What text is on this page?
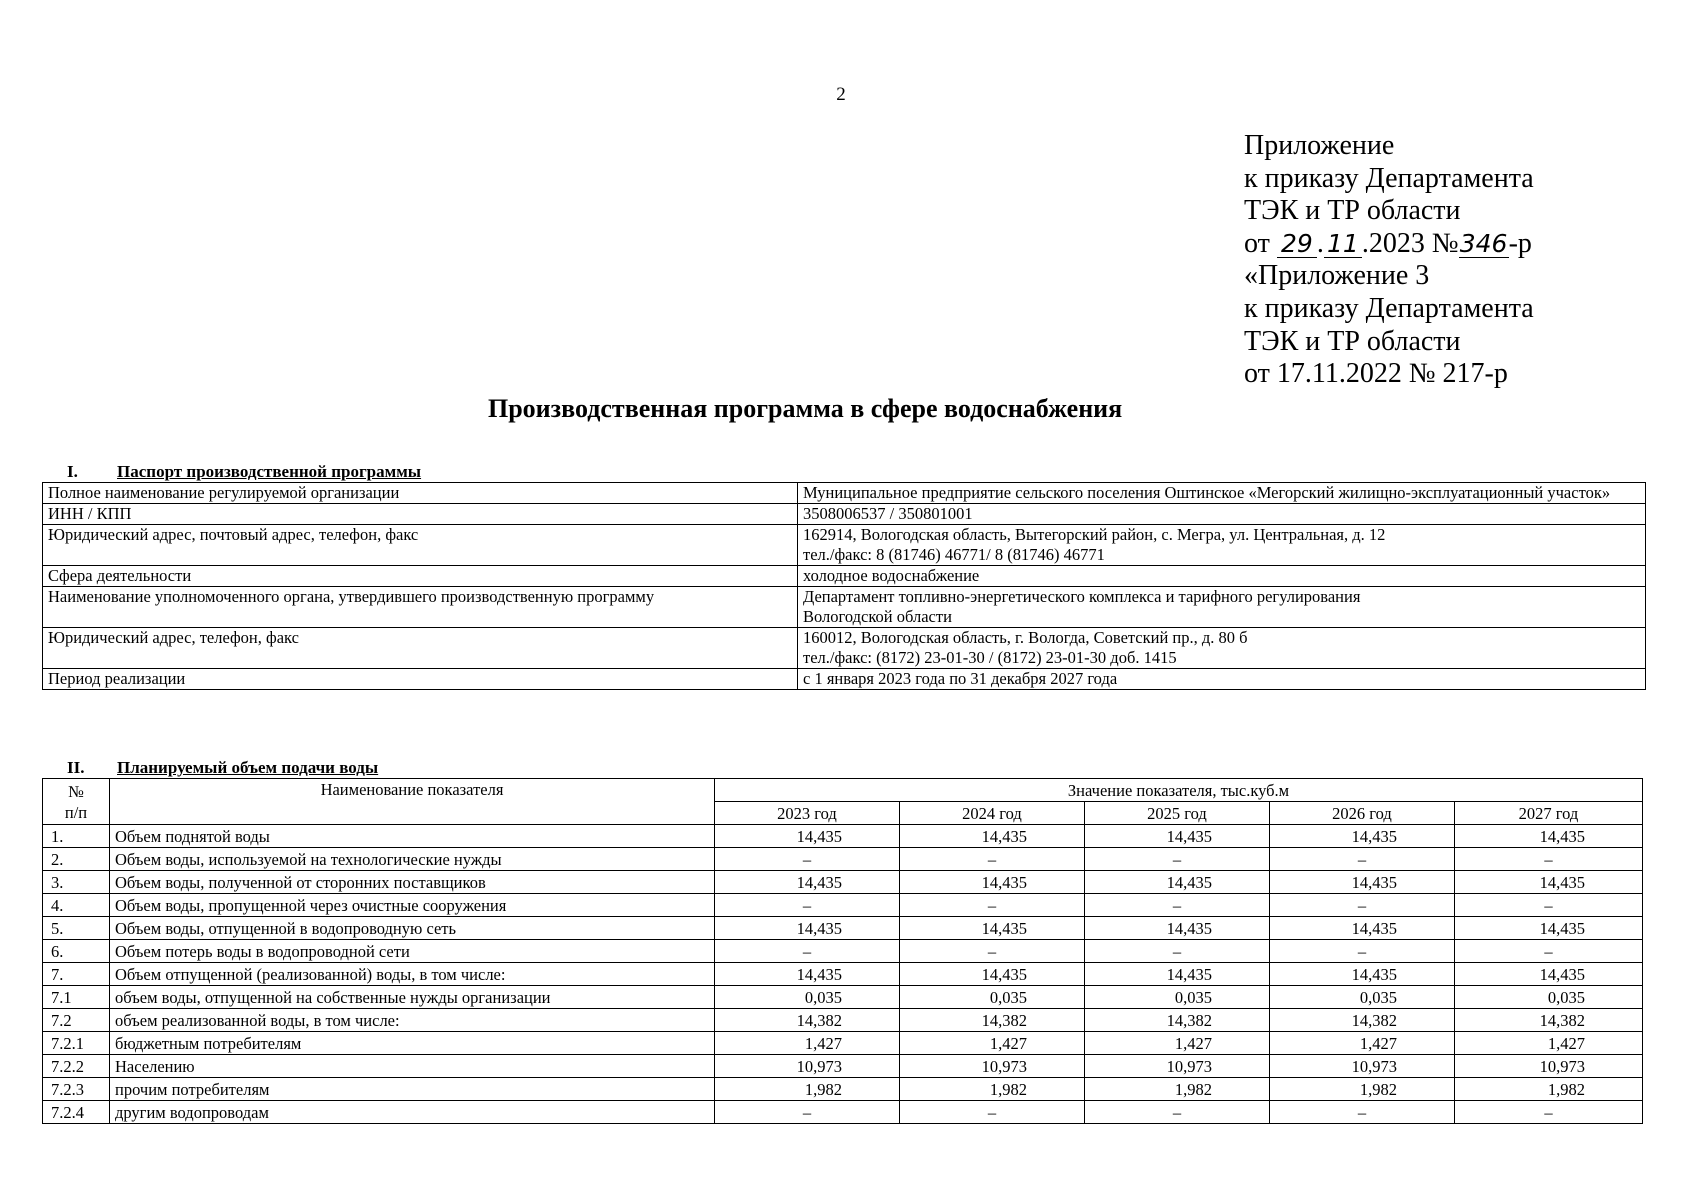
2
Приложение
к приказу Департамента
ТЭК и ТР области
от 29 . 11 .2023 №346-р
«Приложение 3
к приказу Департамента
ТЭК и ТР области
от 17.11.2022 № 217-р
Производственная программа в сфере водоснабжения
I. Паспорт производственной программы
Полное наименование регулируемой организации	Муниципальное предприятие сельского поселения Оштинское «Мегорский жилищно-эксплуатационный участок»
ИНН / КПП	3508006537 / 350801001
Юридический адрес, почтовый адрес, телефон, факс	162914, Вологодская область, Вытегорский район, с. Мегра, ул. Центральная, д. 12
тел./факс: 8 (81746) 46771/ 8 (81746) 46771

Сфера деятельности	холодное водоснабжение
Наименование уполномоченного органа, утвердившего производственную программу	Департамент топливно-энергетического комплекса и тарифного регулирования
Вологодской области

Юридический адрес, телефон, факс	160012, Вологодская область, г. Вологда, Советский пр., д. 80 б
тел./факс: (8172) 23-01-30 / (8172) 23-01-30 доб. 1415

Период реализации	с 1 января 2023 года по 31 декабря 2027 года
II. Планируемый объем подачи воды
№
п/п	Наименование показателя	Значение показателя, тыс.куб.м				
		2023 год	2024 год	2025 год	2026 год	2027 год
1.	Объем поднятой воды	14,435	14,435	14,435	14,435	14,435
2.	Объем воды, используемой на технологические нужды	–	–	–	–	–
3.	Объем воды, полученной от сторонних поставщиков	14,435	14,435	14,435	14,435	14,435
4.	Объем воды, пропущенной через очистные сооружения	–	–	–	–	–
5.	Объем воды, отпущенной в водопроводную сеть	14,435	14,435	14,435	14,435	14,435
6.	Объем потерь воды в водопроводной сети	–	–	–	–	–
7.	Объем отпущенной (реализованной) воды, в том числе:	14,435	14,435	14,435	14,435	14,435
7.1	объем воды, отпущенной на собственные нужды организации	0,035	0,035	0,035	0,035	0,035
7.2	объем реализованной воды, в том числе:	14,382	14,382	14,382	14,382	14,382
7.2.1	бюджетным потребителям	1,427	1,427	1,427	1,427	1,427
7.2.2	Населению	10,973	10,973	10,973	10,973	10,973
7.2.3	прочим потребителям	1,982	1,982	1,982	1,982	1,982
7.2.4	другим водопроводам	–	–	–	–	–
